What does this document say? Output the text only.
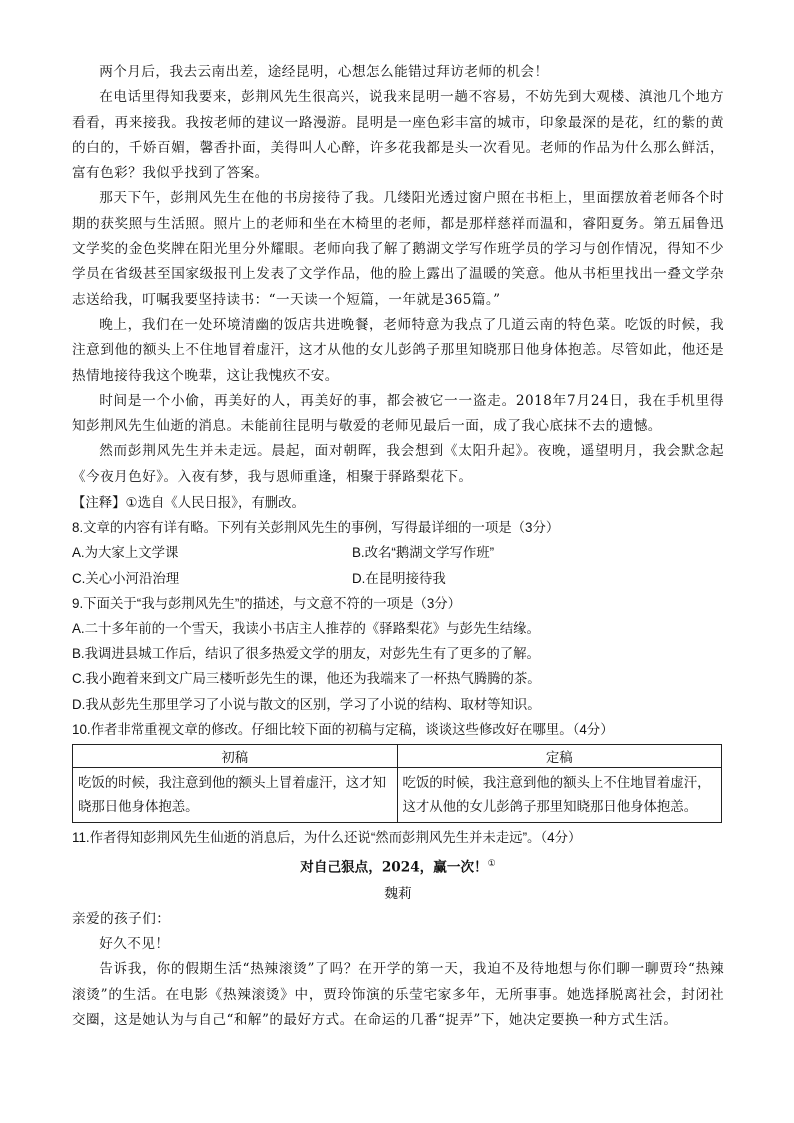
两个月后，我去云南出差，途经昆明，心想怎么能错过拜访老师的机会！

在电话里得知我要来，彭荆风先生很高兴，说我来昆明一趟不容易，不妨先到大观楼、滇池几个地方看看，再来接我。我按老师的建议一路漫游。昆明是一座色彩丰富的城市，印象最深的是花，红的紫的黄的白的，千娇百媚，馨香扑面，美得叫人心醉，许多花我都是头一次看见。老师的作品为什么那么鲜活，富有色彩？我似乎找到了答案。

那天下午，彭荆风先生在他的书房接待了我。几缕阳光透过窗户照在书柜上，里面摆放着老师各个时期的获奖照与生活照。照片上的老师和坐在木椅里的老师，都是那样慈祥而温和，睿阳夏务。第五届鲁迅文学奖的金色奖牌在阳光里分外耀眼。老师向我了解了鹅湖文学写作班学员的学习与创作情况，得知不少学员在省级甚至国家级报刊上发表了文学作品，他的脸上露出了温暖的笑意。他从书柜里找出一叠文学杂志送给我，叮嘱我要坚持读书：“一天读一个短篇，一年就是365篇。”

晚上，我们在一处环境清幽的饭店共进晚餐，老师特意为我点了几道云南的特色菜。吃饭的时候，我注意到他的额头上不住地冒着虚汗，这才从他的女儿彭鸽子那里知晓那日他身体抱恙。尽管如此，他还是热情地接待我这个晚辈，这让我愧疚不安。

时间是一个小偷，再美好的人，再美好的事，都会被它一一盗走。2018年7月24日，我在手机里得知彭荆风先生仙逝的消息。未能前往昆明与敬爱的老师见最后一面，成了我心底抹不去的遗憾。

然而彭荆风先生并未走远。晨起，面对朝晖，我会想到《太阳升起》。夜晚，遥望明月，我会默念起《今夜月色好》。入夜有梦，我与恩师重逢，相聚于驿路梨花下。

【注释】①选自《人民日报》，有删改。

8.文章的内容有详有略。下列有关彭荆风先生的事例，写得最详细的一项是（3分）

A.为大家上文学课	B.改名“鹅湖文学写作班”
C.关心小河沿治理	D.在昆明接待我

9.下面关于“我与彭荆风先生”的描述，与文意不符的一项是（3分）

A.二十多年前的一个雪天，我读小书店主人推荐的《驿路梨花》与彭先生结缘。

B.我调进县城工作后，结识了很多热爱文学的朋友，对彭先生有了更多的了解。

C.我小跑着来到文广局三楼听彭先生的课，他还为我端来了一杯热气腾腾的茶。

D.我从彭先生那里学习了小说与散文的区别，学习了小说的结构、取材等知识。

10.作者非常重视文章的修改。仔细比较下面的初稿与定稿，谈谈这些修改好在哪里。（4分）

初稿	定稿
吃饭的时候，我注意到他的额头上冒着虚汗，这才知晓那日他身体抱恙。	吃饭的时候，我注意到他的额头上不住地冒着虚汗，这才从他的女儿彭鸽子那里知晓那日他身体抱恙。

11.作者得知彭荆风先生仙逝的消息后，为什么还说“然而彭荆风先生并未走远”。（4分）

对自己狠点，2024，赢一次！①
魏莉

亲爱的孩子们：

好久不见！

告诉我，你的假期生活“热辣滚烫”了吗？在开学的第一天，我迫不及待地想与你们聊一聊贾玲“热辣滚烫”的生活。在电影《热辣滚烫》中，贾玲饰演的乐莹宅家多年，无所事事。她选择脱离社会，封闭社交圈，这是她认为与自己“和解”的最好方式。在命运的几番“捉弄”下，她决定要换一种方式生活。
